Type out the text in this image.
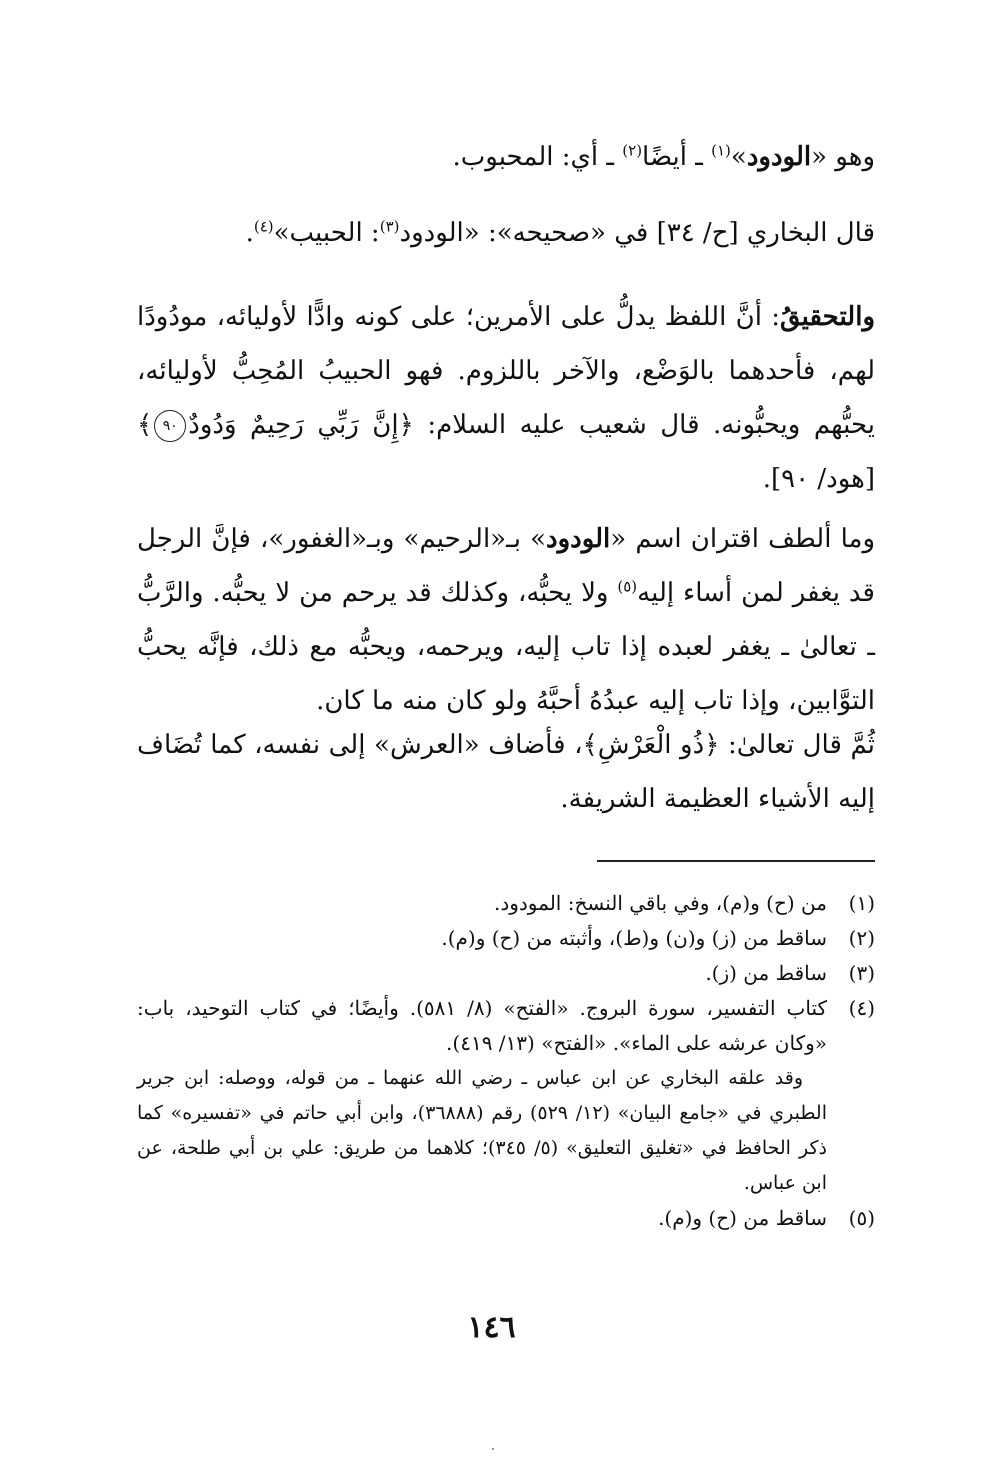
وهو «الودود»$^{(١)}$ ـ أيضًا$^{(٢)}$ ـ أي: المحبوب.

قال البخاري [ح/ ٣٤] في «صحيحه»: «الودود$^{(٣)}$: الحبيب»$^{(٤)}$.

والتحقيقُ: أنَّ اللفظ يدلُّ على الأمرين؛ على كونه وادًّا لأوليائه، مودُودًا لهم، فأحدهما بالوَضْع، والآخر باللزوم. فهو الحبيبُ المُحِبُّ لأوليائه، يحبُّهم ويحبُّونه. قال شعيب عليه السلام: ﴿إِنَّ رَبِّي رَحِيمٌ وَدُودٌ٩٠﴾ [هود/ ٩٠].

وما ألطف اقتران اسم «الودود» بـ«الرحيم» وبـ«الغفور»، فإنَّ الرجل قد يغفر لمن أساء إليه$^{(٥)}$ ولا يحبُّه، وكذلك قد يرحم من لا يحبُّه. والرَّبُّ ـ تعالىٰ ـ يغفر لعبده إذا تاب إليه، ويرحمه، ويحبُّه مع ذلك، فإنَّه يحبُّ التوَّابين، وإذا تاب إليه عبدُهُ أحبَّهُ ولو كان منه ما كان.

ثُمَّ قال تعالىٰ: ﴿ذُو الْعَرْشِ﴾، فأضاف «العرش» إلى نفسه، كما تُضَاف إليه الأشياء العظيمة الشريفة.

(١)
من (ح) و(م)، وفي باقي النسخ: المودود.
(٢)
ساقط من (ز) و(ن) و(ط)، وأثبته من (ح) و(م).
(٣)
ساقط من (ز).
(٤)
كتاب التفسير، سورة البروج. «الفتح» (٨/ ٥٨١). وأيضًا؛ في كتاب التوحيد، باب: «وكان عرشه على الماء». «الفتح» (١٣/ ٤١٩).
وقد علقه البخاري عن ابن عباس ـ رضي الله عنهما ـ من قوله، ووصله: ابن جرير الطبري في «جامع البيان» (١٢/ ٥٢٩) رقم (٣٦٨٨٨)، وابن أبي حاتم في «تفسيره» كما ذكر الحافظ في «تغليق التعليق» (٥/ ٣٤٥)؛ كلاهما من طريق: علي بن أبي طلحة، عن ابن عباس.
(٥)
ساقط من (ح) و(م).
١٤٦
